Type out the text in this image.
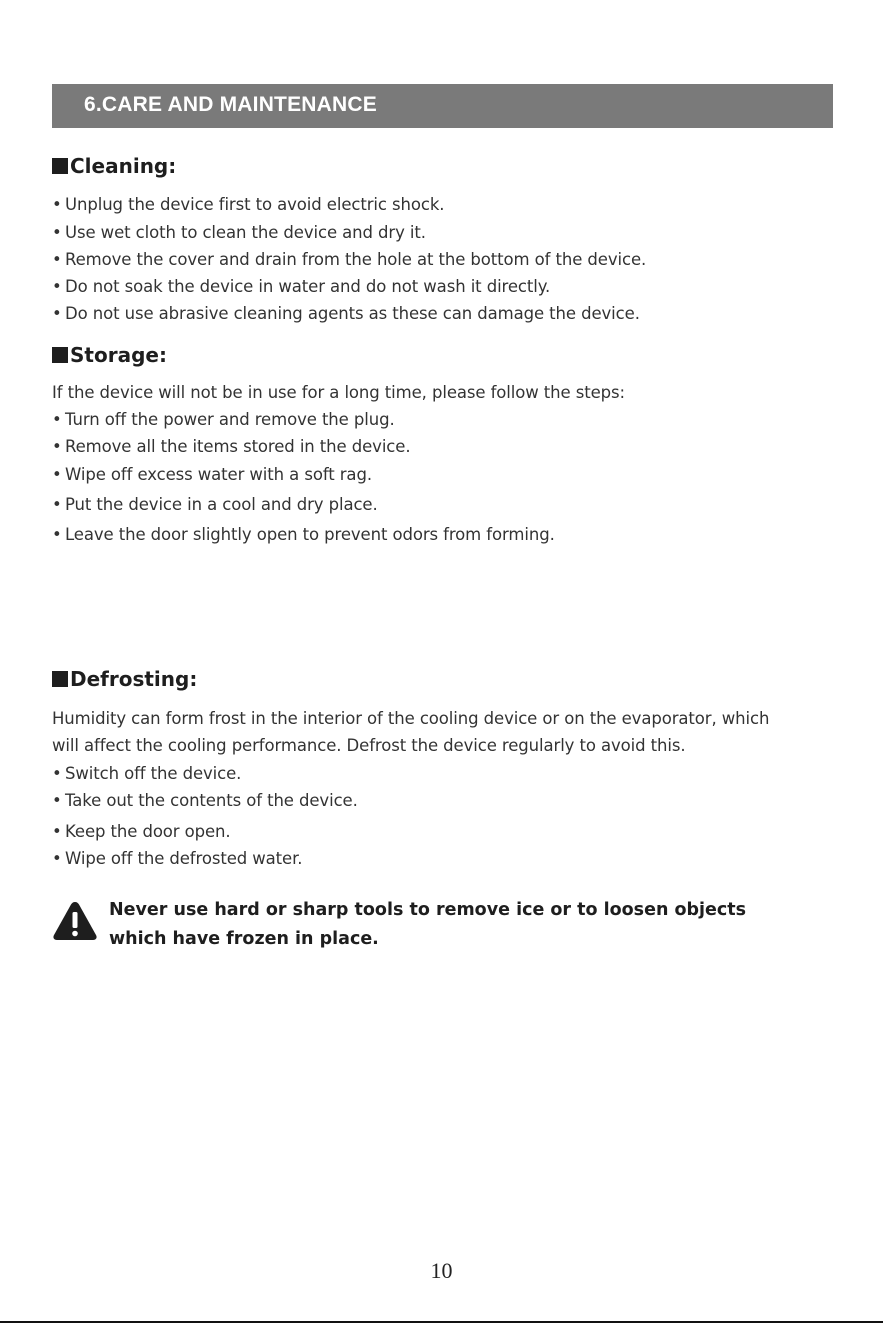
6.CARE AND MAINTENANCE
Cleaning:
• Unplug the device first to avoid electric shock.
• Use wet cloth to clean the device and dry it.
• Remove the cover and drain from the hole at the bottom of the device.
• Do not soak the device in water and do not wash it directly.
• Do not use abrasive cleaning agents as these can damage the device.
Storage:
If the device will not be in use for a long time, please follow the steps:
• Turn off the power and remove the plug.
• Remove all the items stored in the device.
• Wipe off excess water with a soft rag.
• Put the device in a cool and dry place.
• Leave the door slightly open to prevent odors from forming.
Defrosting:
Humidity can form frost in the interior of the cooling device or on the evaporator, which
will affect the cooling performance. Defrost the device regularly to avoid this.
• Switch off the device.
• Take out the contents of the device.
• Keep the door open.
• Wipe off the defrosted water.
Never use hard or sharp tools to remove ice or to loosen objects which have frozen in place.
10
